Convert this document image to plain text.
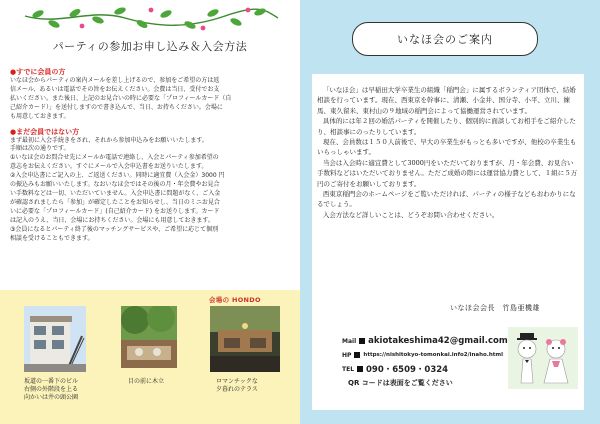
パーティの参加お申し込み＆入会方法

●すでに会員の方

いなほ会からパーティの案内メールを差し上げるので、参加をご希望の方は返
信メール、あるいは電話でその旨をお伝えください。会費は当日、受付でお支
払いください。また後日、上記のお見合いの時に必要な「プロフィールカード（自
己紹介カード）」を送付しますので書き込んで、当日、お持ちください。会場に
も用意しておきます。

●まだ会員ではない方

まず最初に入会手続きをされ、それから参加申込みをお願いいたします。
手順は次の通りです。
①いなほ会のお問合せ先にメールか電話で連絡し、入会とパーティ参加希望の
意志をお伝えください。すぐにメールで入会申込書をお送りいたします。
②入会申込書にご記入の上、ご返送ください。同時に適宜費（入会金）3000 円
の振込みもお願いいたします。なおいなほ会ではその後の月・年会費やお見合
い手数料などは一切、いただいていません。入会申込書に問題がなく、ご入金
が確認されましたら「参加」が確定したことをお知らせし、当日のミニお見合
いに必要な「プロフィールカード」(自己紹介カード) をお送りします。カード
は記入のうえ、当日、会場にお持ちください。会場にも用意しておきます。
③会員になるとパーティ終了後のマッチングサービスや、ご希望に応じて個別
相談を受けることもできます。

会場の HONDO
坂道の一番下のビル
右側の外階段を上る
向かいは井の頭公園
目の前に木立	ロマンチックな
夕暮れのテラス
いなほ会のご案内

「いなほ会」は早稲田大学卒業生の組織「稲門会」に属するボランティア団体で、結婚相談を行っています。現在、西東京を幹事に、清瀬、小金井、国分寺、小平、立川、練馬、東久留米、東村山の９地域の稲門会によって協働運営されています。

具体的には年２回の婚活パーティを開催したり、個別的に面談してお相手をご紹介したり、相談事にのったりしています。

現在、会員数は１５０人前後で、早大の卒業生がもっとも多いですが、他校の卒業生もいらっしゃいます。

当会は入会時に適宜費として3000円をいただいておりますが、月・年会費、お見合い手数料などはいただいておりません。ただご成婚の際には運営協力費として、１組に５万円のご寄付をお願いしております。

西東京稲門会のホームページをご覧いただければ、パーティの様子などもおわかりになるでしょう。

入会方法など詳しいことは、どうぞお問い合わせください。

いなほ会会長　竹島亜機雄
Mail akiotakeshima42@gmail.com
HP https://nishitokyo-tomonkai.info2/inaho.html
TEL 090・6509・0324
QR コードは表面をご覧ください
